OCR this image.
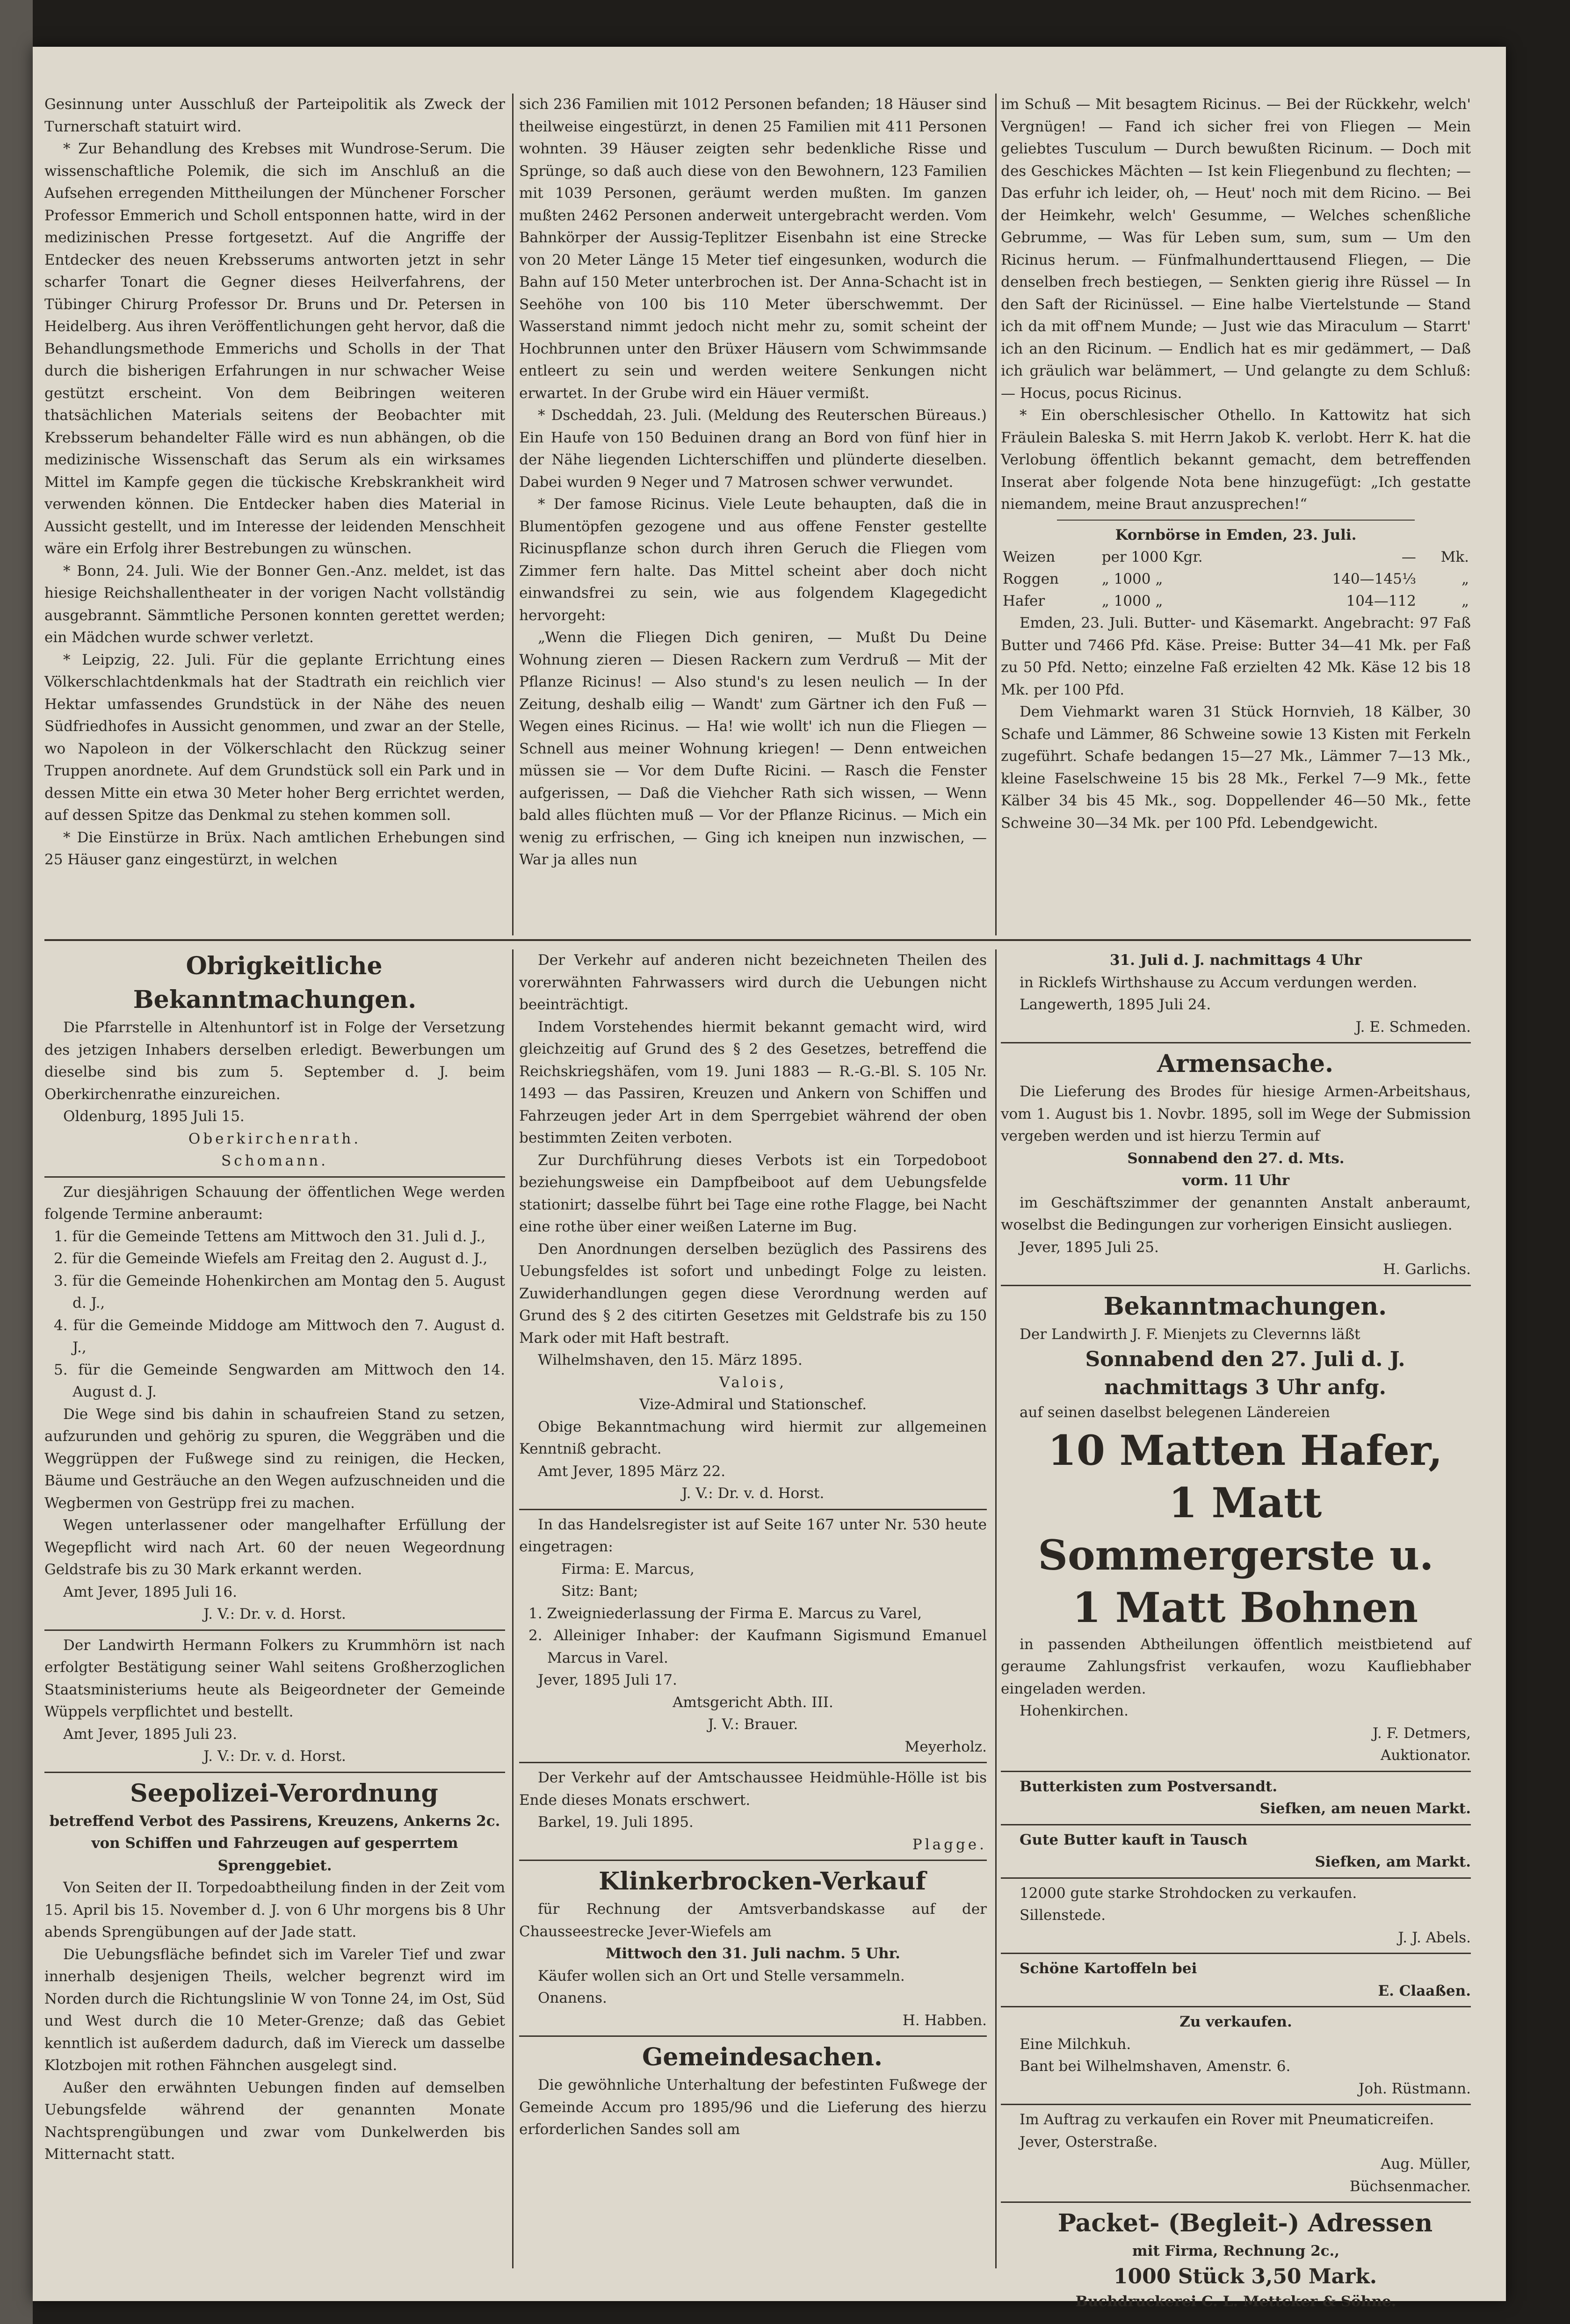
Gesinnung unter Ausschluß der Parteipolitik als Zweck der Turnerschaft statuirt wird.

* Zur Behandlung des Krebses mit Wundrose-Serum. Die wissenschaftliche Polemik, die sich im Anschluß an die Aufsehen erregenden Mittheilungen der Münchener Forscher Professor Emmerich und Scholl entsponnen hatte, wird in der medizinischen Presse fortgesetzt. Auf die Angriffe der Entdecker des neuen Krebsserums antworten jetzt in sehr scharfer Tonart die Gegner dieses Heilverfahrens, der Tübinger Chirurg Professor Dr. Bruns und Dr. Petersen in Heidelberg. Aus ihren Veröffentlichungen geht hervor, daß die Behandlungsmethode Emmerichs und Scholls in der That durch die bisherigen Erfahrungen in nur schwacher Weise gestützt erscheint. Von dem Beibringen weiteren thatsächlichen Materials seitens der Beobachter mit Krebsserum behandelter Fälle wird es nun abhängen, ob die medizinische Wissenschaft das Serum als ein wirksames Mittel im Kampfe gegen die tückische Krebskrankheit wird verwenden können. Die Entdecker haben dies Material in Aussicht gestellt, und im Interesse der leidenden Menschheit wäre ein Erfolg ihrer Bestrebungen zu wünschen.

* Bonn, 24. Juli. Wie der Bonner Gen.-Anz. meldet, ist das hiesige Reichshallentheater in der vorigen Nacht vollständig ausgebrannt. Sämmtliche Personen konnten gerettet werden; ein Mädchen wurde schwer verletzt.

* Leipzig, 22. Juli. Für die geplante Errichtung eines Völkerschlachtdenkmals hat der Stadtrath ein reichlich vier Hektar umfassendes Grundstück in der Nähe des neuen Südfriedhofes in Aussicht genommen, und zwar an der Stelle, wo Napoleon in der Völkerschlacht den Rückzug seiner Truppen anordnete. Auf dem Grundstück soll ein Park und in dessen Mitte ein etwa 30 Meter hoher Berg errichtet werden, auf dessen Spitze das Denkmal zu stehen kommen soll.

* Die Einstürze in Brüx. Nach amtlichen Erhebungen sind 25 Häuser ganz eingestürzt, in welchen

sich 236 Familien mit 1012 Personen befanden; 18 Häuser sind theilweise eingestürzt, in denen 25 Familien mit 411 Personen wohnten. 39 Häuser zeigten sehr bedenkliche Risse und Sprünge, so daß auch diese von den Bewohnern, 123 Familien mit 1039 Personen, geräumt werden mußten. Im ganzen mußten 2462 Personen anderweit untergebracht werden. Vom Bahnkörper der Aussig-Teplitzer Eisenbahn ist eine Strecke von 20 Meter Länge 15 Meter tief eingesunken, wodurch die Bahn auf 150 Meter unterbrochen ist. Der Anna-Schacht ist in Seehöhe von 100 bis 110 Meter überschwemmt. Der Wasserstand nimmt jedoch nicht mehr zu, somit scheint der Hochbrunnen unter den Brüxer Häusern vom Schwimmsande entleert zu sein und werden weitere Senkungen nicht erwartet. In der Grube wird ein Häuer vermißt.

* Dscheddah, 23. Juli. (Meldung des Reuterschen Büreaus.) Ein Haufe von 150 Beduinen drang an Bord von fünf hier in der Nähe liegenden Lichterschiffen und plünderte dieselben. Dabei wurden 9 Neger und 7 Matrosen schwer verwundet.

* Der famose Ricinus. Viele Leute behaupten, daß die in Blumentöpfen gezogene und aus offene Fenster gestellte Ricinuspflanze schon durch ihren Geruch die Fliegen vom Zimmer fern halte. Das Mittel scheint aber doch nicht einwandsfrei zu sein, wie aus folgendem Klagegedicht hervorgeht:

„Wenn die Fliegen Dich geniren, — Mußt Du Deine Wohnung zieren — Diesen Rackern zum Verdruß — Mit der Pflanze Ricinus! — Also stund's zu lesen neulich — In der Zeitung, deshalb eilig — Wandt' zum Gärtner ich den Fuß — Wegen eines Ricinus. — Ha! wie wollt' ich nun die Fliegen — Schnell aus meiner Wohnung kriegen! — Denn entweichen müssen sie — Vor dem Dufte Ricini. — Rasch die Fenster aufgerissen, — Daß die Viehcher Rath sich wissen, — Wenn bald alles flüchten muß — Vor der Pflanze Ricinus. — Mich ein wenig zu erfrischen, — Ging ich kneipen nun inzwischen, — War ja alles nun

im Schuß — Mit besagtem Ricinus. — Bei der Rückkehr, welch' Vergnügen! — Fand ich sicher frei von Fliegen — Mein geliebtes Tusculum — Durch bewußten Ricinum. — Doch mit des Geschickes Mächten — Ist kein Fliegenbund zu flechten; — Das erfuhr ich leider, oh, — Heut' noch mit dem Ricino. — Bei der Heimkehr, welch' Gesumme, — Welches schenßliche Gebrumme, — Was für Leben sum, sum, sum — Um den Ricinus herum. — Fünfmalhunderttausend Fliegen, — Die denselben frech bestiegen, — Senkten gierig ihre Rüssel — In den Saft der Ricinüssel. — Eine halbe Viertelstunde — Stand ich da mit off'nem Munde; — Just wie das Miraculum — Starrt' ich an den Ricinum. — Endlich hat es mir gedämmert, — Daß ich gräulich war belämmert, — Und gelangte zu dem Schluß: — Hocus, pocus Ricinus.

* Ein oberschlesischer Othello. In Kattowitz hat sich Fräulein Baleska S. mit Herrn Jakob K. verlobt. Herr K. hat die Verlobung öffentlich bekannt gemacht, dem betreffenden Inserat aber folgende Nota bene hinzugefügt: „Ich gestatte niemandem, meine Braut anzusprechen!“

Kornbörse in Emden, 23. Juli.

Weizen	per 1000 Kgr.	—	Mk.
Roggen	„ 1000 „	140—145⅓	„
Hafer	„ 1000 „	104—112	„

Emden, 23. Juli. Butter- und Käsemarkt. Angebracht: 97 Faß Butter und 7466 Pfd. Käse. Preise: Butter 34—41 Mk. per Faß zu 50 Pfd. Netto; einzelne Faß erzielten 42 Mk. Käse 12 bis 18 Mk. per 100 Pfd.

Dem Viehmarkt waren 31 Stück Hornvieh, 18 Kälber, 30 Schafe und Lämmer, 86 Schweine sowie 13 Kisten mit Ferkeln zugeführt. Schafe bedangen 15—27 Mk., Lämmer 7—13 Mk., kleine Faselschweine 15 bis 28 Mk., Ferkel 7—9 Mk., fette Kälber 34 bis 45 Mk., sog. Doppellender 46—50 Mk., fette Schweine 30—34 Mk. per 100 Pfd. Lebendgewicht.

Obrigkeitliche Bekanntmachungen.

Die Pfarrstelle in Altenhuntorf ist in Folge der Versetzung des jetzigen Inhabers derselben erledigt. Bewerbungen um dieselbe sind bis zum 5. September d. J. beim Oberkirchenrathe einzureichen.

Oldenburg, 1895 Juli 15.

Oberkirchenrath.

Schomann.

Zur diesjährigen Schauung der öffentlichen Wege werden folgende Termine anberaumt:

1. für die Gemeinde Tettens am Mittwoch den 31. Juli d. J.,

2. für die Gemeinde Wiefels am Freitag den 2. August d. J.,

3. für die Gemeinde Hohenkirchen am Montag den 5. August d. J.,

4. für die Gemeinde Middoge am Mittwoch den 7. August d. J.,

5. für die Gemeinde Sengwarden am Mittwoch den 14. August d. J.

Die Wege sind bis dahin in schaufreien Stand zu setzen, aufzurunden und gehörig zu spuren, die Weggräben und die Weggrüppen der Fußwege sind zu reinigen, die Hecken, Bäume und Gesträuche an den Wegen aufzuschneiden und die Wegbermen von Gestrüpp frei zu machen.

Wegen unterlassener oder mangelhafter Erfüllung der Wegepflicht wird nach Art. 60 der neuen Wegeordnung Geldstrafe bis zu 30 Mark erkannt werden.

Amt Jever, 1895 Juli 16.

J. V.: Dr. v. d. Horst.

Der Landwirth Hermann Folkers zu Krummhörn ist nach erfolgter Bestätigung seiner Wahl seitens Großherzoglichen Staatsministeriums heute als Beigeordneter der Gemeinde Wüppels verpflichtet und bestellt.

Amt Jever, 1895 Juli 23.

J. V.: Dr. v. d. Horst.

Seepolizei-Verordnung

betreffend Verbot des Passirens, Kreuzens, Ankerns 2c. von Schiffen und Fahrzeugen auf gesperrtem Sprenggebiet.

Von Seiten der II. Torpedoabtheilung finden in der Zeit vom 15. April bis 15. November d. J. von 6 Uhr morgens bis 8 Uhr abends Sprengübungen auf der Jade statt.

Die Uebungsfläche befindet sich im Vareler Tief und zwar innerhalb desjenigen Theils, welcher begrenzt wird im Norden durch die Richtungslinie W von Tonne 24, im Ost, Süd und West durch die 10 Meter-Grenze; daß das Gebiet kenntlich ist außerdem dadurch, daß im Viereck um dasselbe Klotzbojen mit rothen Fähnchen ausgelegt sind.

Außer den erwähnten Uebungen finden auf demselben Uebungsfelde während der genannten Monate Nachtsprengübungen und zwar vom Dunkelwerden bis Mitternacht statt.

Der Verkehr auf anderen nicht bezeichneten Theilen des vorerwähnten Fahrwassers wird durch die Uebungen nicht beeinträchtigt.

Indem Vorstehendes hiermit bekannt gemacht wird, wird gleichzeitig auf Grund des § 2 des Gesetzes, betreffend die Reichskriegshäfen, vom 19. Juni 1883 — R.-G.-Bl. S. 105 Nr. 1493 — das Passiren, Kreuzen und Ankern von Schiffen und Fahrzeugen jeder Art in dem Sperrgebiet während der oben bestimmten Zeiten verboten.

Zur Durchführung dieses Verbots ist ein Torpedoboot beziehungsweise ein Dampfbeiboot auf dem Uebungsfelde stationirt; dasselbe führt bei Tage eine rothe Flagge, bei Nacht eine rothe über einer weißen Laterne im Bug.

Den Anordnungen derselben bezüglich des Passirens des Uebungsfeldes ist sofort und unbedingt Folge zu leisten. Zuwiderhandlungen gegen diese Verordnung werden auf Grund des § 2 des citirten Gesetzes mit Geldstrafe bis zu 150 Mark oder mit Haft bestraft.

Wilhelmshaven, den 15. März 1895.

Valois,

Vize-Admiral und Stationschef.

Obige Bekanntmachung wird hiermit zur allgemeinen Kenntniß gebracht.

Amt Jever, 1895 März 22.

J. V.: Dr. v. d. Horst.

In das Handelsregister ist auf Seite 167 unter Nr. 530 heute eingetragen:

Firma: E. Marcus,

Sitz: Bant;

1. Zweigniederlassung der Firma E. Marcus zu Varel,

2. Alleiniger Inhaber: der Kaufmann Sigismund Emanuel Marcus in Varel.

Jever, 1895 Juli 17.

Amtsgericht Abth. III.

J. V.: Brauer.

Meyerholz.

Der Verkehr auf der Amtschaussee Heidmühle-Hölle ist bis Ende dieses Monats erschwert.

Barkel, 19. Juli 1895.

Plagge.

Klinkerbrocken-Verkauf

für Rechnung der Amtsverbandskasse auf der Chausseestrecke Jever-Wiefels am

Mittwoch den 31. Juli nachm. 5 Uhr.

Käufer wollen sich an Ort und Stelle versammeln.

Onanens.

H. Habben.

Gemeindesachen.

Die gewöhnliche Unterhaltung der befestinten Fußwege der Gemeinde Accum pro 1895/96 und die Lieferung des hierzu erforderlichen Sandes soll am

31. Juli d. J. nachmittags 4 Uhr

in Ricklefs Wirthshause zu Accum verdungen werden.

Langewerth, 1895 Juli 24.

J. E. Schmeden.

Armensache.

Die Lieferung des Brodes für hiesige Armen-Arbeitshaus, vom 1. August bis 1. Novbr. 1895, soll im Wege der Submission vergeben werden und ist hierzu Termin auf

Sonnabend den 27. d. Mts.

vorm. 11 Uhr

im Geschäftszimmer der genannten Anstalt anberaumt, woselbst die Bedingungen zur vorherigen Einsicht ausliegen.

Jever, 1895 Juli 25.

H. Garlichs.

Bekanntmachungen.

Der Landwirth J. F. Mienjets zu Clevernns läßt

Sonnabend den 27. Juli d. J.

nachmittags 3 Uhr anfg.

auf seinen daselbst belegenen Ländereien

10 Matten Hafer,

1 Matt Sommergerste u.

1 Matt Bohnen

in passenden Abtheilungen öffentlich meistbietend auf geraume Zahlungsfrist verkaufen, wozu Kaufliebhaber eingeladen werden.

Hohenkirchen.

J. F. Detmers,

Auktionator.

Butterkisten zum Postversandt.

Siefken, am neuen Markt.

Gute Butter kauft in Tausch

Siefken, am Markt.

12000 gute starke Strohdocken zu verkaufen.

Sillenstede.

J. J. Abels.

Schöne Kartoffeln bei

E. Claaßen.

Zu verkaufen.

Eine Milchkuh.

Bant bei Wilhelmshaven, Amenstr. 6.

Joh. Rüstmann.

Im Auftrag zu verkaufen ein Rover mit Pneumaticreifen.

Jever, Osterstraße.

Aug. Müller,

Büchsenmacher.

Packet- (Begleit-) Adressen

mit Firma, Rechnung 2c.,

1000 Stück 3,50 Mark.

Buchdruckerei C. L. Mettcker & Söhne.
